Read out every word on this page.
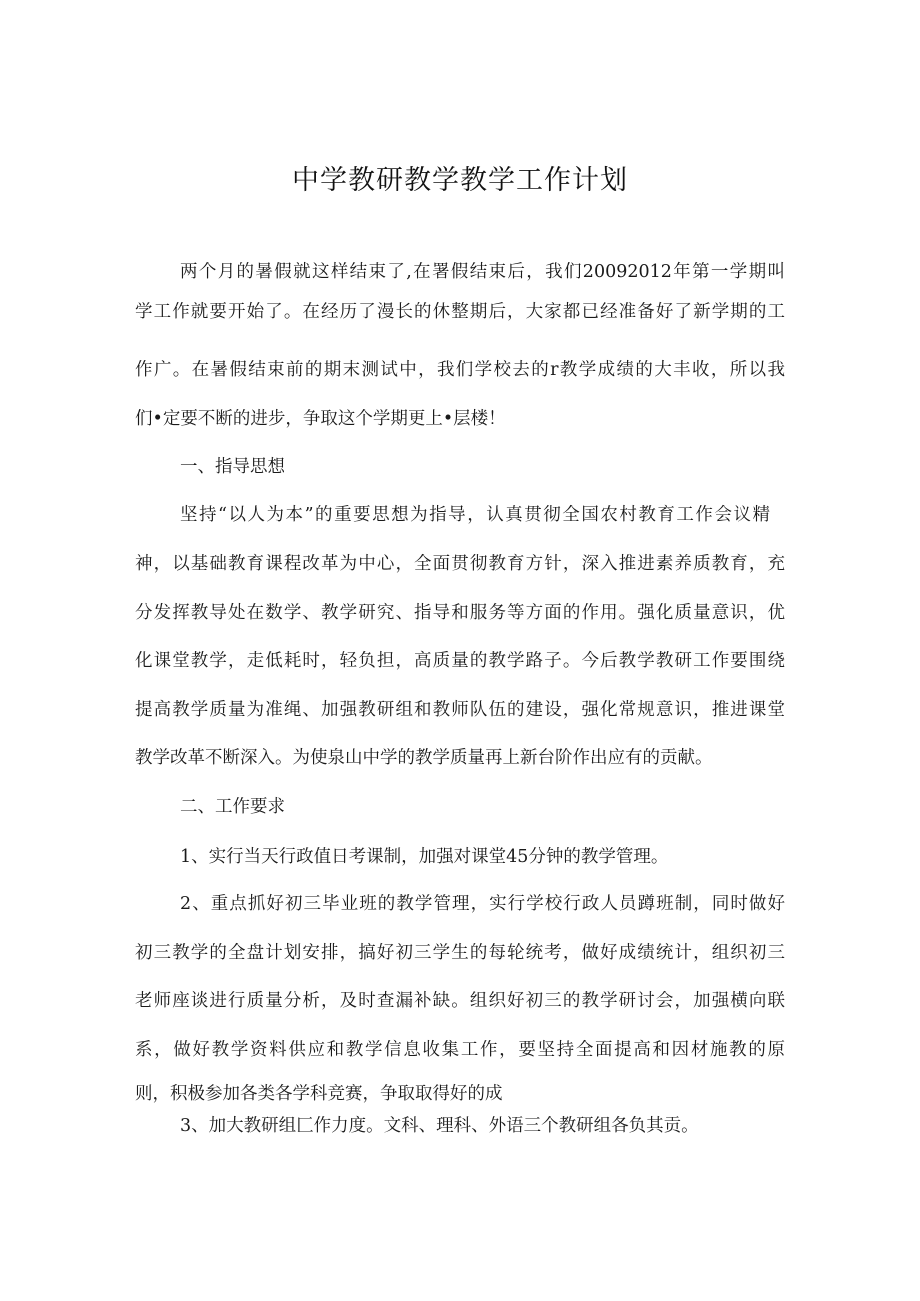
中学教研教学教学工作计划
两个月的暑假就这样结束了,在署假结束后，我们20092012年第一学期叫
学工作就要开始了。在经历了漫长的休整期后，大家都已经准备好了新学期的工
作广。在暑假结束前的期末测试中，我们学校去的r教学成绩的大丰收，所以我
们•定要不断的进步，争取这个学期更上•层楼！
一、指导思想
坚持“以人为本”的重要思想为指导，认真贯彻全国农村教育工作会议精
神，以基础教育课程改革为中心，全面贯彻教育方针，深入推进素养质教育，充
分发挥教导处在数学、教学研究、指导和服务等方面的作用。强化质量意识，优
化课堂教学，走低耗时，轻负担，高质量的教学路子。今后教学教研工作要围绕
提高教学质量为准绳、加强教研组和教师队伍的建设，强化常规意识，推进课堂
教学改革不断深入。为使泉山中学的教学质量再上新台阶作出应有的贡献。
二、工作要求
1、实行当天行政值日考课制，加强对课堂45分钟的教学管理。
2、重点抓好初三毕业班的教学管理，实行学校行政人员蹲班制，同时做好
初三教学的全盘计划安排，搞好初三学生的每轮统考，做好成绩统计，组织初三
老师座谈进行质量分析，及时查漏补缺。组织好初三的教学研讨会，加强横向联
系，做好教学资料供应和教学信息收集工作，要坚持全面提高和因材施教的原
则，积极参加各类各学科竞赛，争取取得好的成
3、加大教研组匚作力度。文科、理科、外语三个教研组各负其贡。
